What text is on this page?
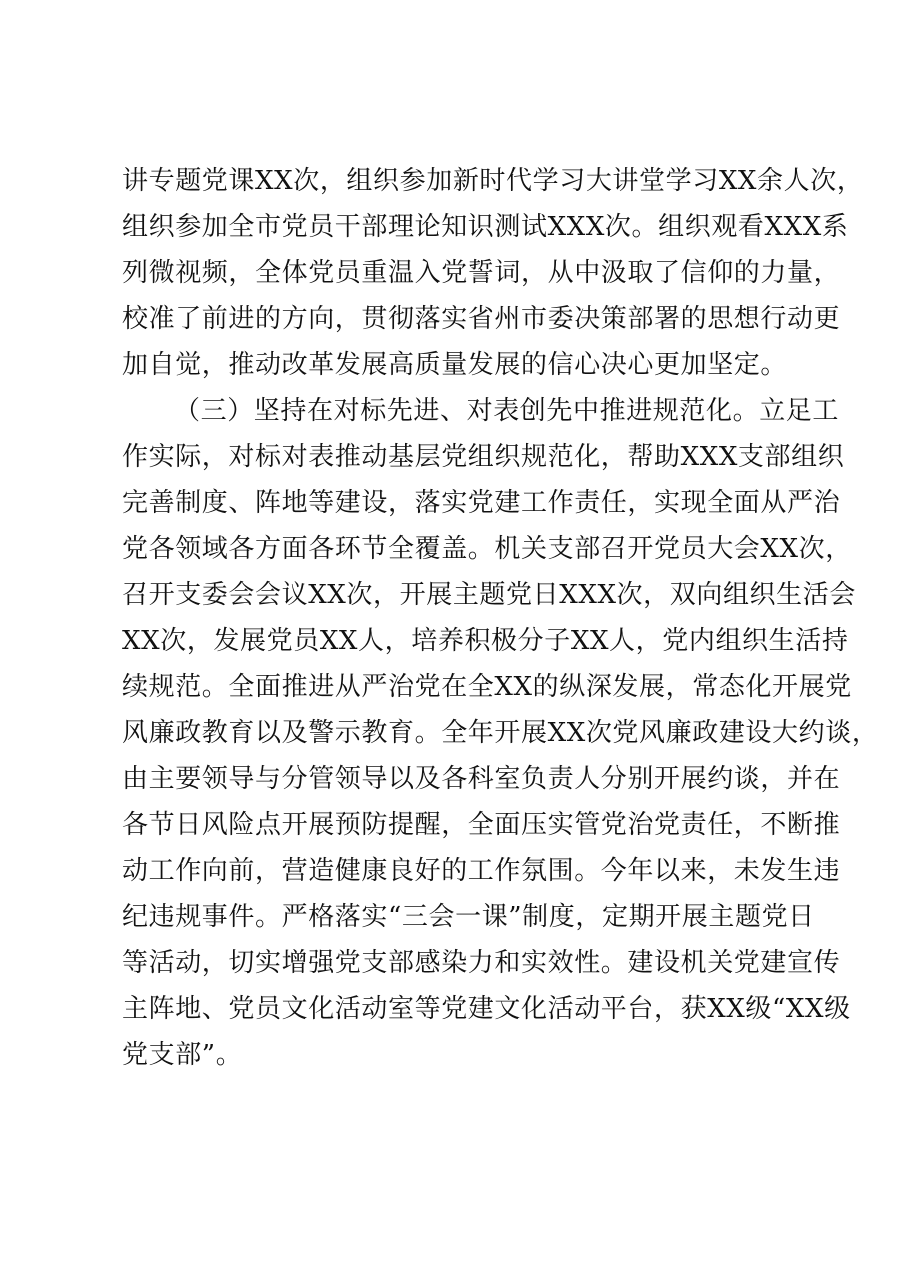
讲专题党课XX次，组织参加新时代学习大讲堂学习XX余人次，
组织参加全市党员干部理论知识测试XXX次。组织观看XXX系
列微视频，全体党员重温入党誓词，从中汲取了信仰的力量，
校准了前进的方向，贯彻落实省州市委决策部署的思想行动更
加自觉，推动改革发展高质量发展的信心决心更加坚定。
（三）坚持在对标先进、对表创先中推进规范化。立足工
作实际，对标对表推动基层党组织规范化，帮助XXX支部组织
完善制度、阵地等建设，落实党建工作责任，实现全面从严治
党各领域各方面各环节全覆盖。机关支部召开党员大会XX次，
召开支委会会议XX次，开展主题党日XXX次，双向组织生活会
XX次，发展党员XX人，培养积极分子XX人，党内组织生活持
续规范。全面推进从严治党在全XX的纵深发展，常态化开展党
风廉政教育以及警示教育。全年开展XX次党风廉政建设大约谈，
由主要领导与分管领导以及各科室负责人分别开展约谈，并在
各节日风险点开展预防提醒，全面压实管党治党责任，不断推
动工作向前，营造健康良好的工作氛围。今年以来，未发生违
纪违规事件。严格落实“三会一课”制度，定期开展主题党日
等活动，切实增强党支部感染力和实效性。建设机关党建宣传
主阵地、党员文化活动室等党建文化活动平台，获XX级“XX级
党支部”。
